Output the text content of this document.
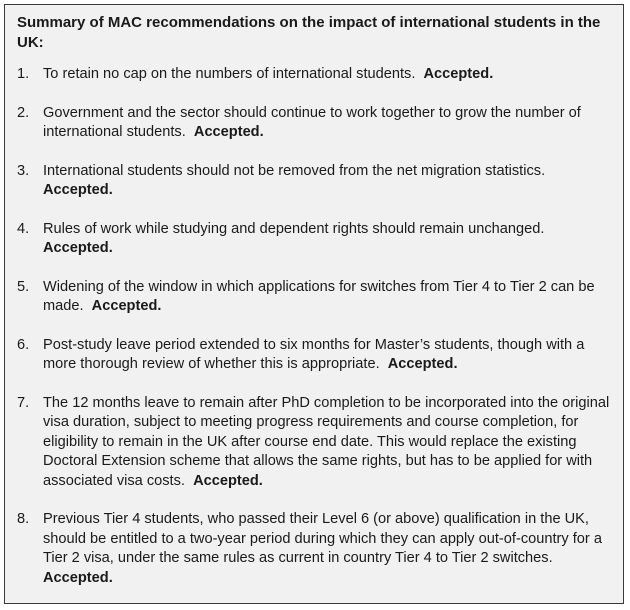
Summary of MAC recommendations on the impact of international students in the UK:
1. To retain no cap on the numbers of international students. Accepted.
2. Government and the sector should continue to work together to grow the number of international students. Accepted.
3. International students should not be removed from the net migration statistics.
Accepted.
4. Rules of work while studying and dependent rights should remain unchanged.
Accepted.
5. Widening of the window in which applications for switches from Tier 4 to Tier 2 can be made. Accepted.
6. Post-study leave period extended to six months for Master’s students, though with a more thorough review of whether this is appropriate. Accepted.
7. The 12 months leave to remain after PhD completion to be incorporated into the original visa duration, subject to meeting progress requirements and course completion, for eligibility to remain in the UK after course end date. This would replace the existing Doctoral Extension scheme that allows the same rights, but has to be applied for with associated visa costs. Accepted.
8. Previous Tier 4 students, who passed their Level 6 (or above) qualification in the UK, should be entitled to a two-year period during which they can apply out-of-country for a Tier 2 visa, under the same rules as current in country Tier 4 to Tier 2 switches.
Accepted.
